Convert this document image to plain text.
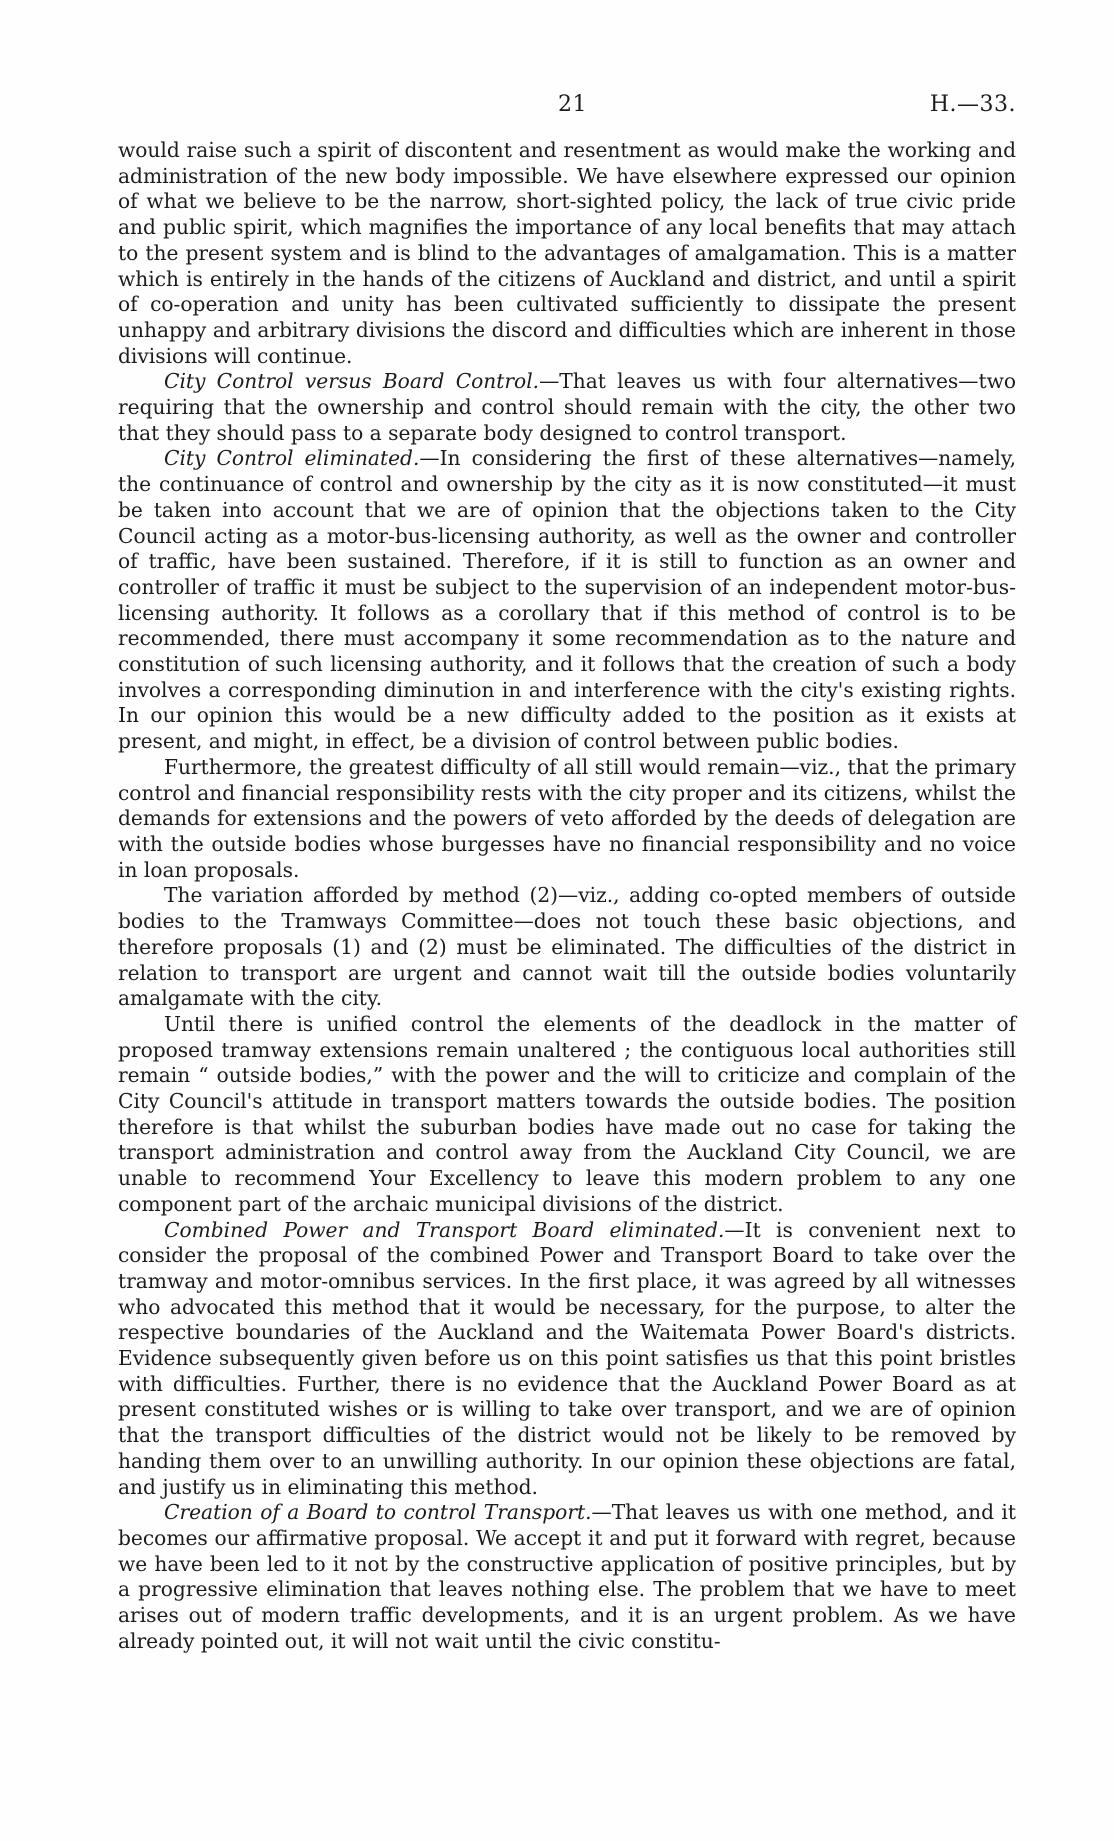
21	H.—33.

would raise such a spirit of discontent and resentment as would make the working and administration of the new body impossible. We have elsewhere expressed our opinion of what we believe to be the narrow, short-sighted policy, the lack of true civic pride and public spirit, which magnifies the importance of any local benefits that may attach to the present system and is blind to the advantages of amalgamation. This is a matter which is entirely in the hands of the citizens of Auckland and district, and until a spirit of co-operation and unity has been cultivated sufficiently to dissipate the present unhappy and arbitrary divisions the discord and difficulties which are inherent in those divisions will continue.

City Control versus Board Control.—That leaves us with four alternatives—two requiring that the ownership and control should remain with the city, the other two that they should pass to a separate body designed to control transport.

City Control eliminated.—In considering the first of these alternatives—namely, the continuance of control and ownership by the city as it is now constituted—it must be taken into account that we are of opinion that the objections taken to the City Council acting as a motor-bus-licensing authority, as well as the owner and controller of traffic, have been sustained. Therefore, if it is still to function as an owner and controller of traffic it must be subject to the supervision of an independent motor-bus-licensing authority. It follows as a corollary that if this method of control is to be recommended, there must accompany it some recommendation as to the nature and constitution of such licensing authority, and it follows that the creation of such a body involves a corresponding diminution in and interference with the city's existing rights. In our opinion this would be a new difficulty added to the position as it exists at present, and might, in effect, be a division of control between public bodies.

Furthermore, the greatest difficulty of all still would remain—viz., that the primary control and financial responsibility rests with the city proper and its citizens, whilst the demands for extensions and the powers of veto afforded by the deeds of delegation are with the outside bodies whose burgesses have no financial responsibility and no voice in loan proposals.

The variation afforded by method (2)—viz., adding co-opted members of outside bodies to the Tramways Committee—does not touch these basic objections, and therefore proposals (1) and (2) must be eliminated. The difficulties of the district in relation to transport are urgent and cannot wait till the outside bodies voluntarily amalgamate with the city.

Until there is unified control the elements of the deadlock in the matter of proposed tramway extensions remain unaltered ; the contiguous local authorities still remain “ outside bodies,” with the power and the will to criticize and complain of the City Council's attitude in transport matters towards the outside bodies. The position therefore is that whilst the suburban bodies have made out no case for taking the transport administration and control away from the Auckland City Council, we are unable to recommend Your Excellency to leave this modern problem to any one component part of the archaic municipal divisions of the district.

Combined Power and Transport Board eliminated.—It is convenient next to consider the proposal of the combined Power and Transport Board to take over the tramway and motor-omnibus services. In the first place, it was agreed by all witnesses who advocated this method that it would be necessary, for the purpose, to alter the respective boundaries of the Auckland and the Waitemata Power Board's districts. Evidence subsequently given before us on this point satisfies us that this point bristles with difficulties. Further, there is no evidence that the Auckland Power Board as at present constituted wishes or is willing to take over transport, and we are of opinion that the transport difficulties of the district would not be likely to be removed by handing them over to an unwilling authority. In our opinion these objections are fatal, and justify us in eliminating this method.

Creation of a Board to control Transport.—That leaves us with one method, and it becomes our affirmative proposal. We accept it and put it forward with regret, because we have been led to it not by the constructive application of positive principles, but by a progressive elimination that leaves nothing else. The problem that we have to meet arises out of modern traffic developments, and it is an urgent problem. As we have already pointed out, it will not wait until the civic constitu-
